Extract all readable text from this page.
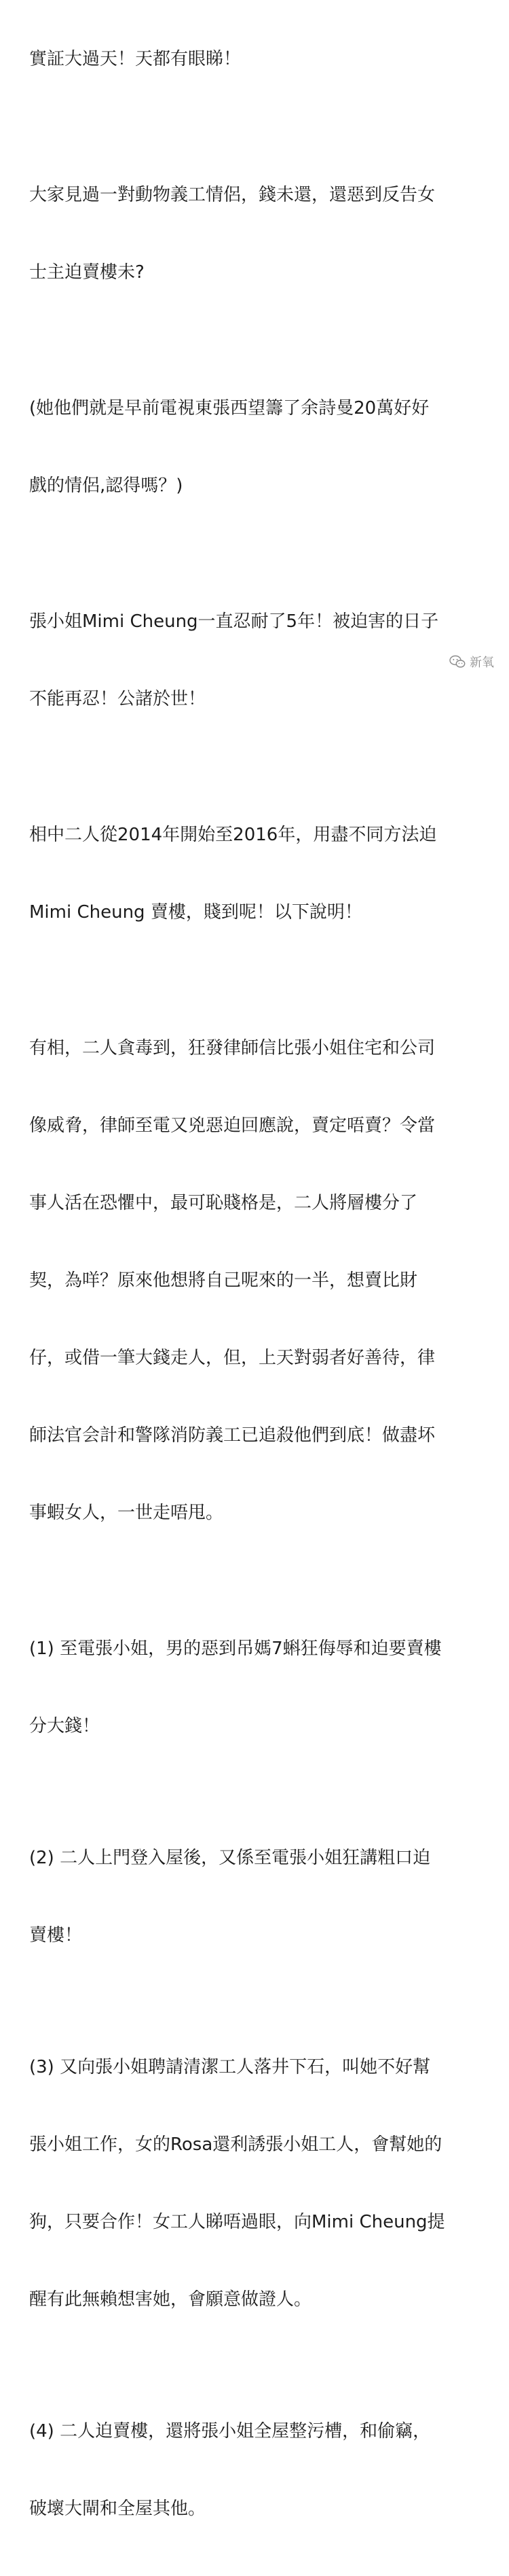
實証大過天！天都有眼睇！

大家見過一對動物義工情侶，錢未還，還惡到反告女

士主迫賣樓未?

(她他們就是早前電視東張西望籌了余詩曼20萬好好

戲的情侶,認得嗎？)

張小姐Mimi Cheung一直忍耐了5年！被迫害的日子

不能再忍！公諸於世！

相中二人從2014年開始至2016年，用盡不同方法迫

Mimi Cheung 賣樓，賤到呢！以下說明！

有相，二人貪毒到，狂發律師信比張小姐住宅和公司

像威脅，律師至電又兇惡迫回應說，賣定唔賣？令當

事人活在恐懼中，最可恥賤格是，二人將層樓分了

契，為咩？原來他想將自己呢來的一半，想賣比財

仔，或借一筆大錢走人，但，上天對弱者好善待，律

師法官会計和警隊消防義工已追殺他們到底！做盡坏

事蝦女人，一世走唔甩。

(1) 至電張小姐，男的惡到吊媽7蝌狂侮辱和迫要賣樓

分大錢！

(2) 二人上門登入屋後，又係至電張小姐狂講粗口迫

賣樓！

(3) 又向張小姐聘請清潔工人落井下石，叫她不好幫

張小姐工作，女的Rosa還利誘張小姐工人，會幫她的

狗，只要合作！女工人睇唔過眼，向Mimi Cheung提

醒有此無賴想害她，會願意做證人。

(4) 二人迫賣樓，還將張小姐全屋整污槽，和偷竊，

破壞大閘和全屋其他。

新氧
